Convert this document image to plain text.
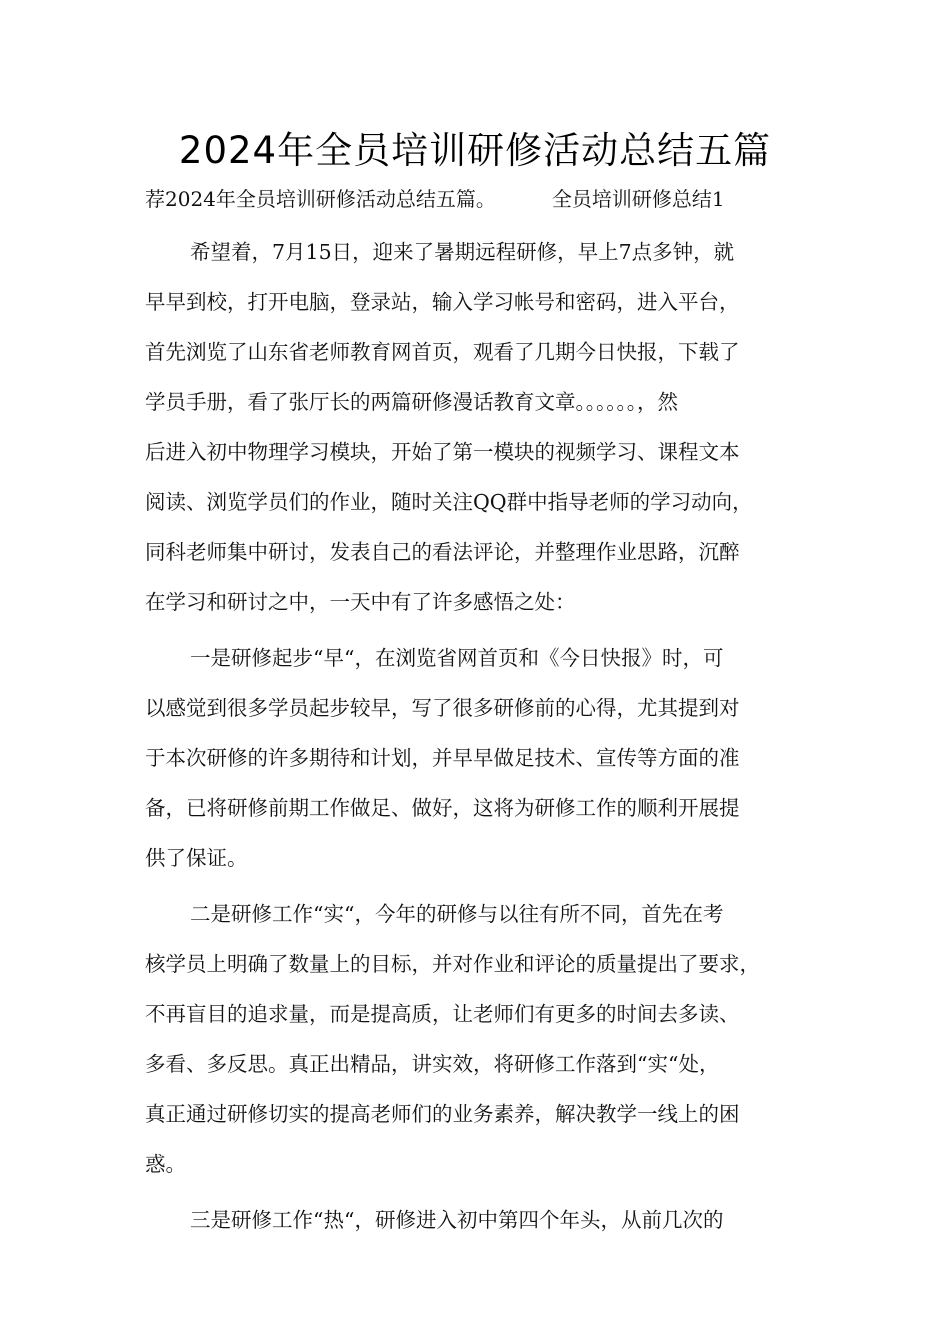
2024年全员培训研修活动总结五篇
荐2024年全员培训研修活动总结五篇。	全员培训研修总结1
希望着，7月15日，迎来了暑期远程研修，早上7点多钟，就
早早到校，打开电脑，登录站，输入学习帐号和密码，进入平台，
首先浏览了山东省老师教育网首页，观看了几期今日快报，下载了
学员手册，看了张厅长的两篇研修漫话教育文章。。。。。。，然
后进入初中物理学习模块，开始了第一模块的视频学习、课程文本
阅读、浏览学员们的作业，随时关注QQ群中指导老师的学习动向，
同科老师集中研讨，发表自己的看法评论，并整理作业思路，沉醉
在学习和研讨之中，一天中有了许多感悟之处：
一是研修起步“早“，在浏览省网首页和《今日快报》时，可
以感觉到很多学员起步较早，写了很多研修前的心得，尤其提到对
于本次研修的许多期待和计划，并早早做足技术、宣传等方面的准
备，已将研修前期工作做足、做好，这将为研修工作的顺利开展提
供了保证。
二是研修工作“实“，今年的研修与以往有所不同，首先在考
核学员上明确了数量上的目标，并对作业和评论的质量提出了要求，
不再盲目的追求量，而是提高质，让老师们有更多的时间去多读、
多看、多反思。真正出精品，讲实效，将研修工作落到“实“处，
真正通过研修切实的提高老师们的业务素养，解决教学一线上的困
惑。
三是研修工作“热“，研修进入初中第四个年头，从前几次的
